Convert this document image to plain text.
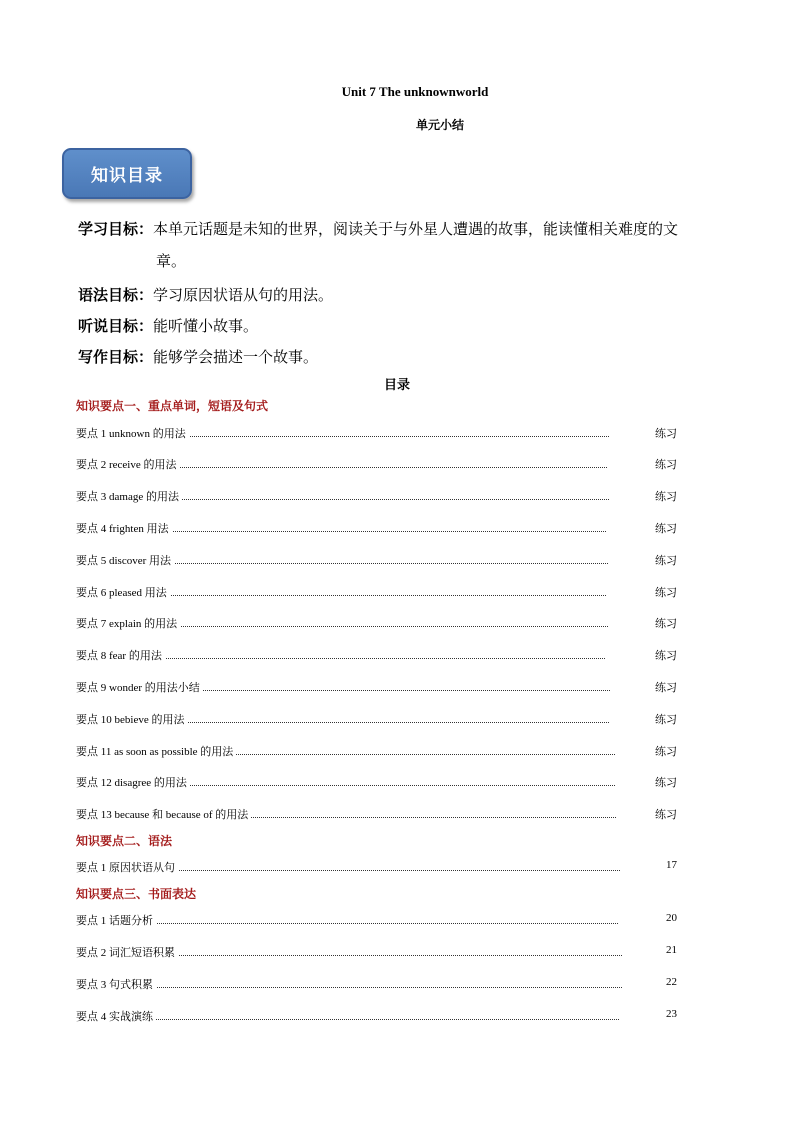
Unit 7 The unknownworld
单元小结
知识目录
学习目标：本单元话题是未知的世界，阅读关于与外星人遭遇的故事，能读懂相关难度的文
章。
语法目标：学习原因状语从句的用法。
听说目标：能听懂小故事。
写作目标：能够学会描述一个故事。
目录
知识要点一、重点单词，短语及句式
要点 1 unknown 的用法	练习
要点 2 receive 的用法	练习
要点 3 damage 的用法	练习
要点 4 frighten 用法	练习
要点 5 discover 用法	练习
要点 6 pleased 用法	练习
要点 7 explain 的用法	练习
要点 8 fear 的用法	练习
要点 9 wonder 的用法小结	练习
要点 10 bebieve 的用法	练习
要点 11 as soon as possible 的用法	练习
要点 12 disagree 的用法	练习
要点 13 because 和 because of 的用法	练习
知识要点二、语法
要点 1 原因状语从句	17
知识要点三、书面表达
要点 1 话题分析	20
要点 2 词汇短语积累	21
要点 3 句式积累	22
要点 4 实战演练	23
